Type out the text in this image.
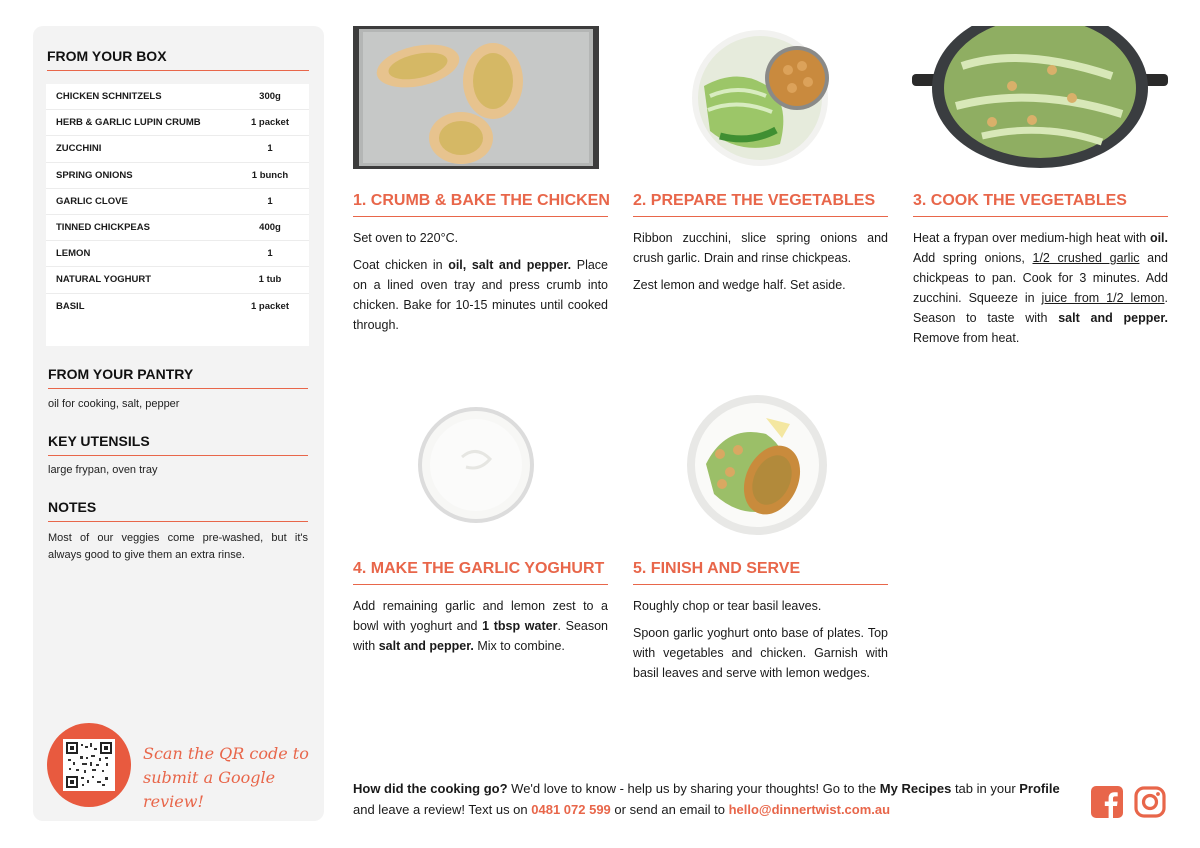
FROM YOUR BOX
CHICKEN SCHNITZELS	300g
HERB & GARLIC LUPIN CRUMB	1 packet
ZUCCHINI	1
SPRING ONIONS	1 bunch
GARLIC CLOVE	1
TINNED CHICKPEAS	400g
LEMON	1
NATURAL YOGHURT	1 tub
BASIL	1 packet
FROM YOUR PANTRY
oil for cooking, salt, pepper
KEY UTENSILS
large frypan, oven tray
NOTES
Most of our veggies come pre-washed, but it's always good to give them an extra rinse.
Scan the QR code to
submit a Google review!
1. CRUMB & BAKE THE CHICKEN

Set oven to 220°C.

Coat chicken in oil, salt and pepper. Place on a lined oven tray and press crumb into chicken. Bake for 10-15 minutes until cooked through.

2. PREPARE THE VEGETABLES

Ribbon zucchini, slice spring onions and crush garlic. Drain and rinse chickpeas.

Zest lemon and wedge half. Set aside.

3. COOK THE VEGETABLES

Heat a frypan over medium-high heat with oil. Add spring onions, 1/2 crushed garlic and chickpeas to pan. Cook for 3 minutes. Add zucchini. Squeeze in juice from 1/2 lemon. Season to taste with salt and pepper. Remove from heat.

4. MAKE THE GARLIC YOGHURT

Add remaining garlic and lemon zest to a bowl with yoghurt and 1 tbsp water. Season with salt and pepper. Mix to combine.

5. FINISH AND SERVE

Roughly chop or tear basil leaves.

Spoon garlic yoghurt onto base of plates. Top with vegetables and chicken. Garnish with basil leaves and serve with lemon wedges.

How did the cooking go? We'd love to know - help us by sharing your thoughts! Go to the My Recipes tab in your Profile and leave a review! Text us on 0481 072 599 or send an email to hello@dinnertwist.com.au
